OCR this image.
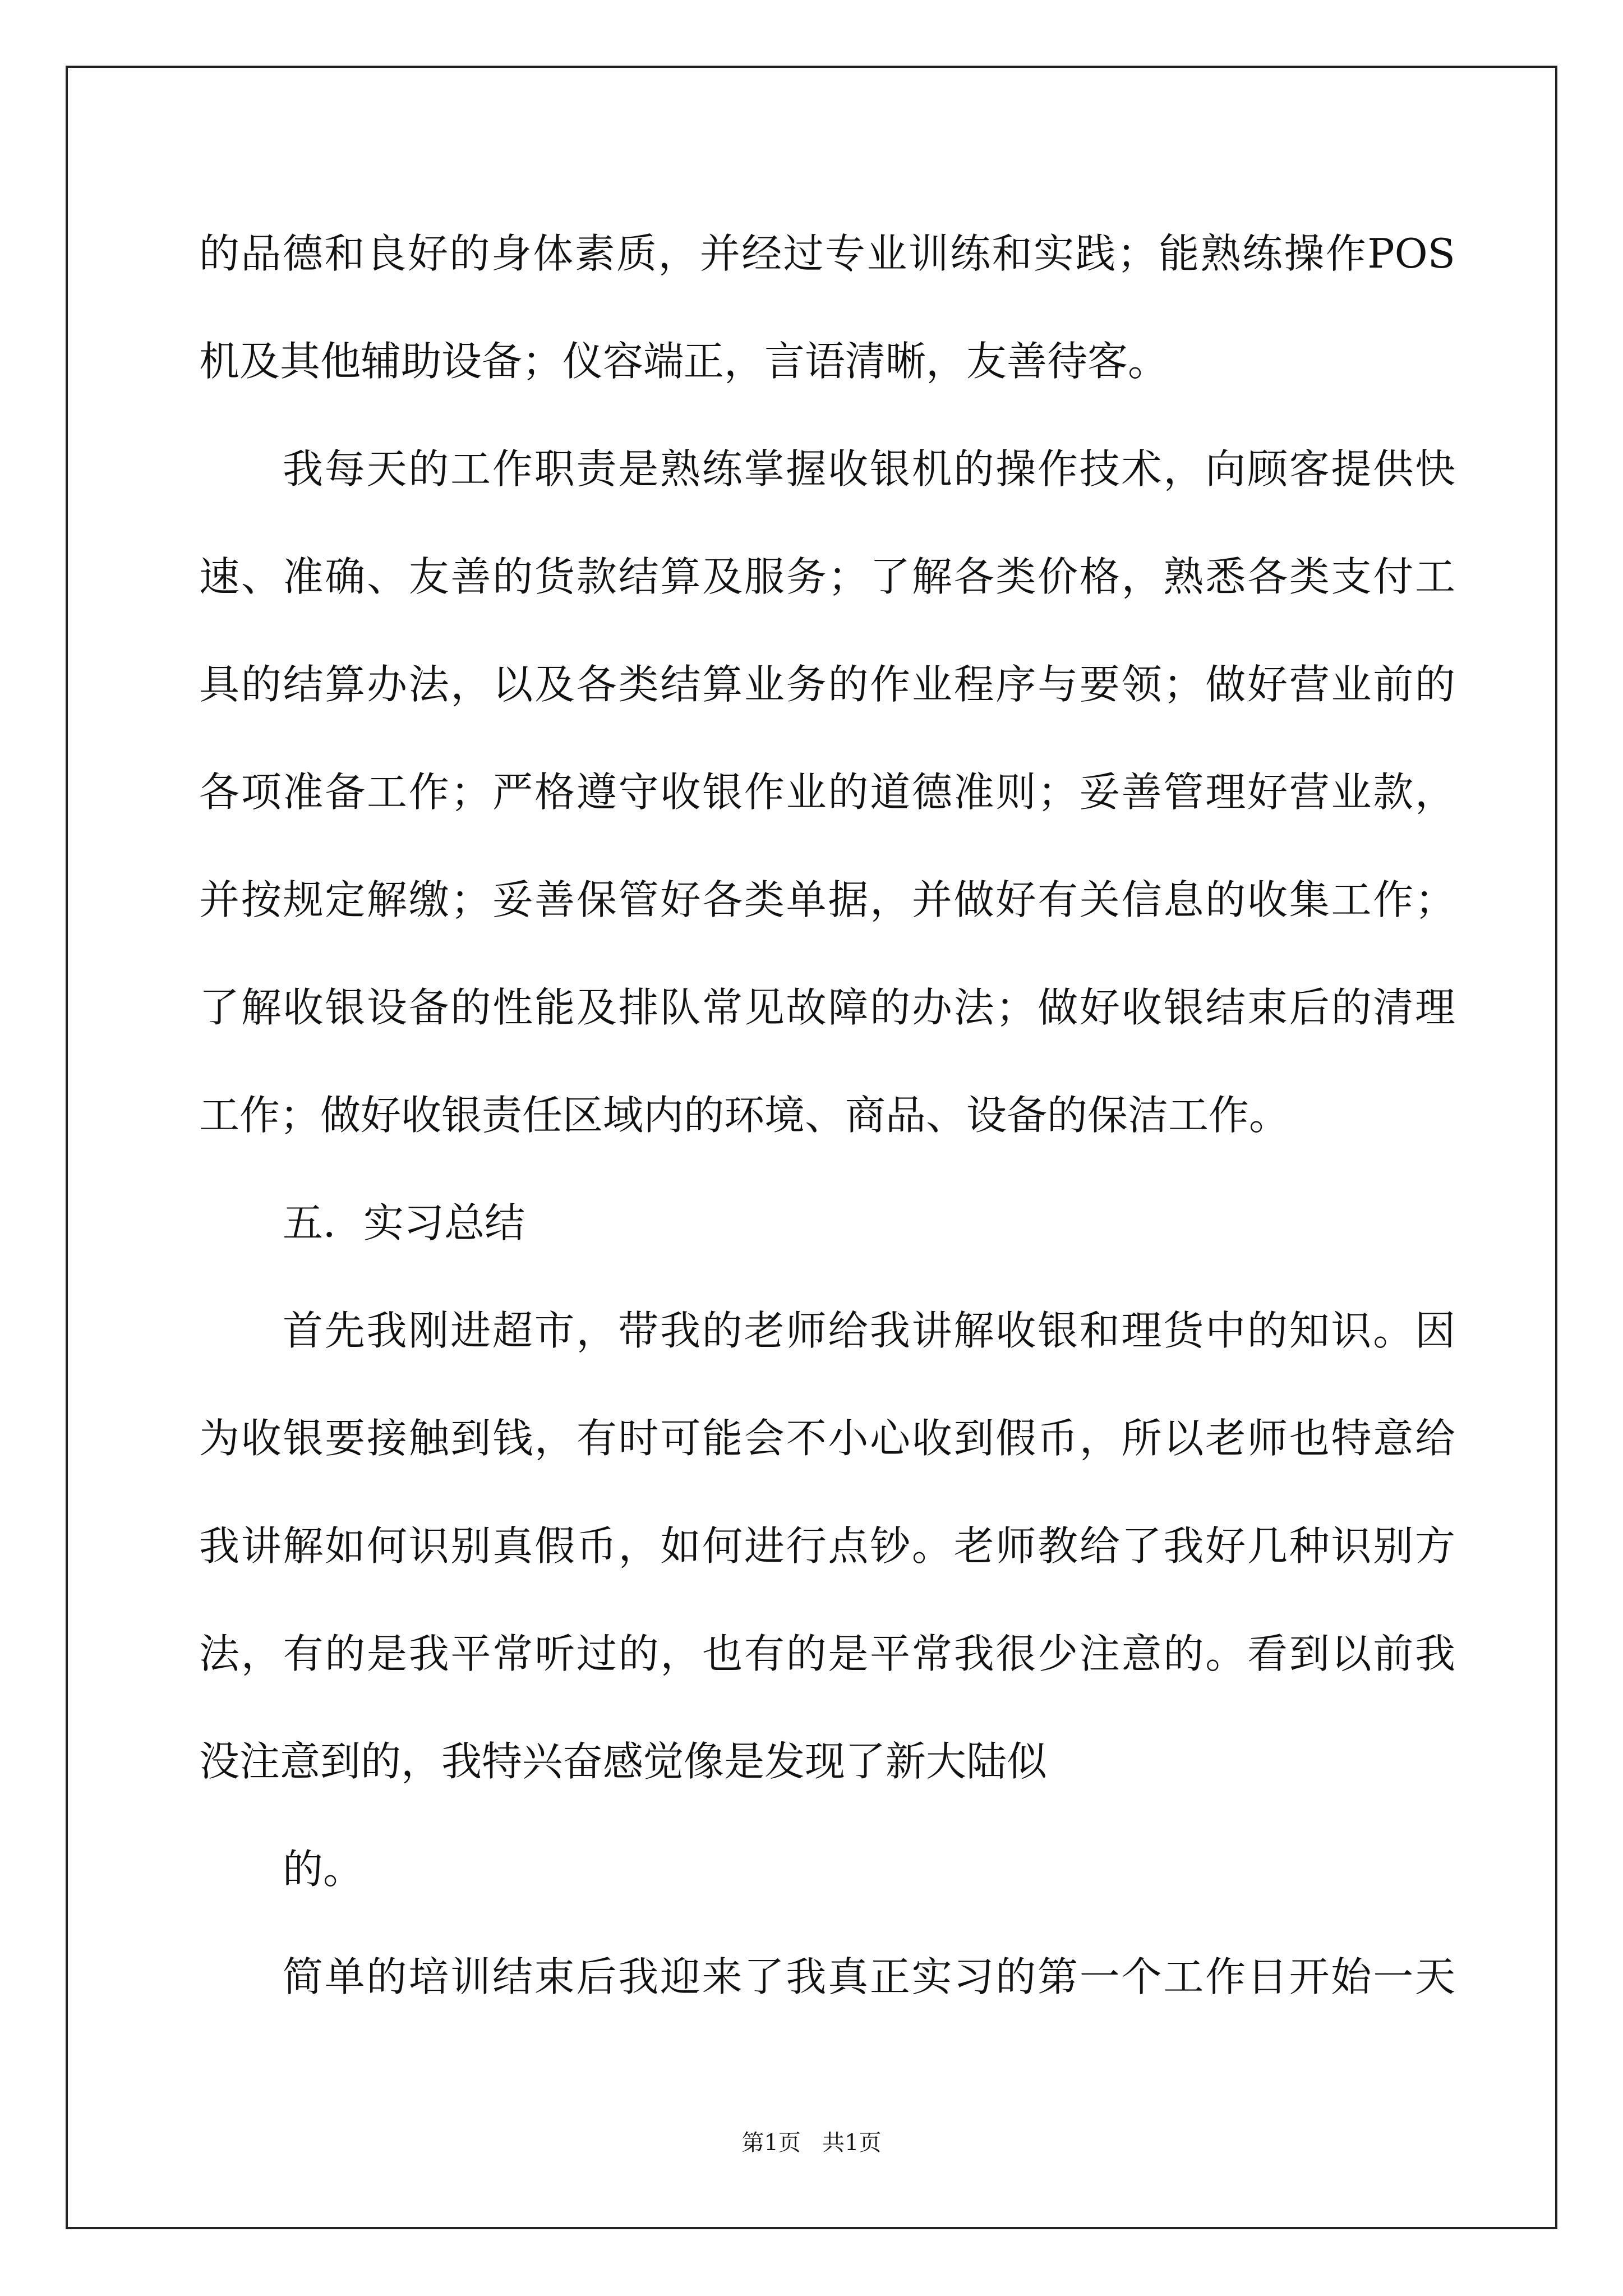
的品德和良好的身体素质，并经过专业训练和实践；能熟练操作POS
机及其他辅助设备；仪容端正，言语清晰，友善待客。
我每天的工作职责是熟练掌握收银机的操作技术，向顾客提供快
速、准确、友善的货款结算及服务；了解各类价格，熟悉各类支付工
具的结算办法，以及各类结算业务的作业程序与要领；做好营业前的
各项准备工作；严格遵守收银作业的道德准则；妥善管理好营业款，
并按规定解缴；妥善保管好各类单据，并做好有关信息的收集工作；
了解收银设备的性能及排队常见故障的办法；做好收银结束后的清理
工作；做好收银责任区域内的环境、商品、设备的保洁工作。
五．实习总结
首先我刚进超市，带我的老师给我讲解收银和理货中的知识。因
为收银要接触到钱，有时可能会不小心收到假币，所以老师也特意给
我讲解如何识别真假币，如何进行点钞。老师教给了我好几种识别方
法，有的是我平常听过的，也有的是平常我很少注意的。看到以前我
没注意到的，我特兴奋感觉像是发现了新大陆似
的。
简单的培训结束后我迎来了我真正实习的第一个工作日开始一天
第1页   共1页
